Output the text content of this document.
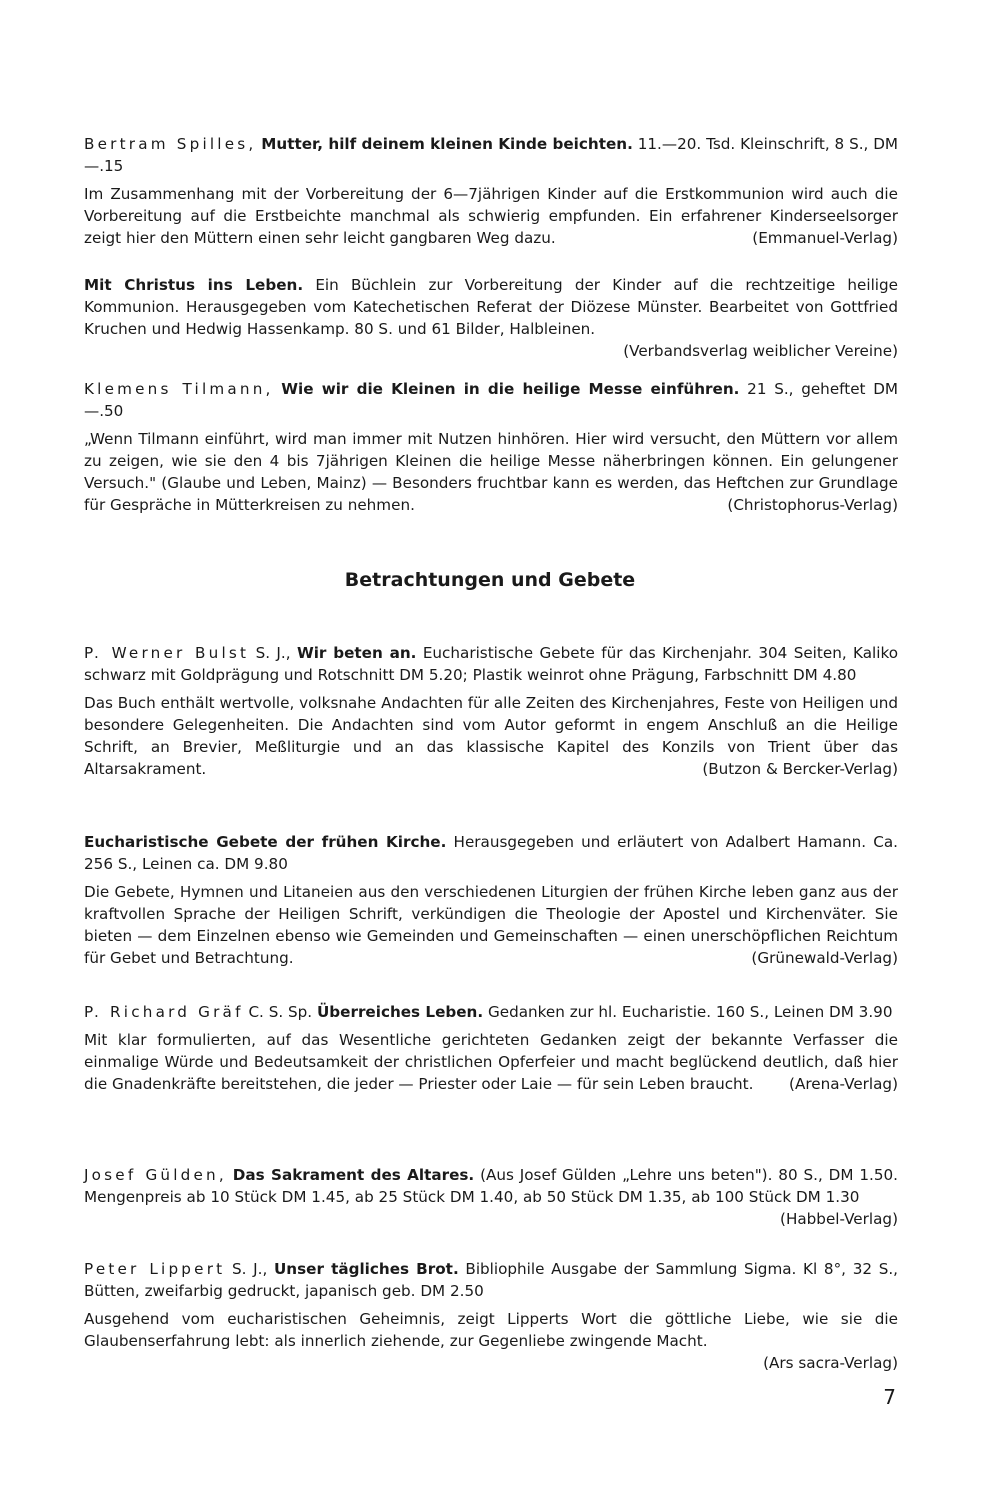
Bertram Spilles, Mutter, hilf deinem kleinen Kinde beichten. 11.—20. Tsd. Kleinschrift, 8 S., DM —.15

Im Zusammenhang mit der Vorbereitung der 6—7jährigen Kinder auf die Erstkommunion wird auch die Vorbereitung auf die Erstbeichte manchmal als schwierig empfunden. Ein erfahrener Kinderseelsorger zeigt hier den Müttern einen sehr leicht gangbaren Weg dazu.	(Emmanuel-Verlag)

Mit Christus ins Leben. Ein Büchlein zur Vorbereitung der Kinder auf die rechtzeitige heilige Kommunion. Herausgegeben vom Katechetischen Referat der Diözese Münster. Bearbeitet von Gottfried Kruchen und Hedwig Hassenkamp. 80 S. und 61 Bilder, Halbleinen.

(Verbandsverlag weiblicher Vereine)

Klemens Tilmann, Wie wir die Kleinen in die heilige Messe einführen. 21 S., geheftet DM —.50

„Wenn Tilmann einführt, wird man immer mit Nutzen hinhören. Hier wird versucht, den Müttern vor allem zu zeigen, wie sie den 4 bis 7jährigen Kleinen die heilige Messe näherbringen können. Ein gelungener Versuch." (Glaube und Leben, Mainz) — Besonders fruchtbar kann es werden, das Heftchen zur Grundlage für Gespräche in Mütterkreisen zu nehmen.	(Christophorus-Verlag)

Betrachtungen und Gebete

P. Werner Bulst S. J., Wir beten an. Eucharistische Gebete für das Kirchenjahr. 304 Seiten, Kaliko schwarz mit Goldprägung und Rotschnitt DM 5.20; Plastik weinrot ohne Prägung, Farbschnitt DM 4.80

Das Buch enthält wertvolle, volksnahe Andachten für alle Zeiten des Kirchenjahres, Feste von Heiligen und besondere Gelegenheiten. Die Andachten sind vom Autor geformt in engem Anschluß an die Heilige Schrift, an Brevier, Meßliturgie und an das klassische Kapitel des Konzils von Trient über das Altarsakrament.	(Butzon & Bercker-Verlag)

Eucharistische Gebete der frühen Kirche. Herausgegeben und erläutert von Adalbert Hamann. Ca. 256 S., Leinen ca. DM 9.80

Die Gebete, Hymnen und Litaneien aus den verschiedenen Liturgien der frühen Kirche leben ganz aus der kraftvollen Sprache der Heiligen Schrift, verkündigen die Theologie der Apostel und Kirchenväter. Sie bieten — dem Einzelnen ebenso wie Gemeinden und Gemeinschaften — einen unerschöpflichen Reichtum für Gebet und Betrachtung.	(Grünewald-Verlag)

P. Richard Gräf C. S. Sp. Überreiches Leben. Gedanken zur hl. Eucharistie. 160 S., Leinen DM 3.90

Mit klar formulierten, auf das Wesentliche gerichteten Gedanken zeigt der bekannte Verfasser die einmalige Würde und Bedeutsamkeit der christlichen Opferfeier und macht beglückend deutlich, daß hier die Gnadenkräfte bereitstehen, die jeder — Priester oder Laie — für sein Leben braucht.	(Arena-Verlag)

Josef Gülden, Das Sakrament des Altares. (Aus Josef Gülden „Lehre uns beten"). 80 S., DM 1.50. Mengenpreis ab 10 Stück DM 1.45, ab 25 Stück DM 1.40, ab 50 Stück DM 1.35, ab 100 Stück DM 1.30
(Habbel-Verlag)

Peter Lippert S. J., Unser tägliches Brot. Bibliophile Ausgabe der Sammlung Sigma. Kl 8°, 32 S., Bütten, zweifarbig gedruckt, japanisch geb. DM 2.50

Ausgehend vom eucharistischen Geheimnis, zeigt Lipperts Wort die göttliche Liebe, wie sie die Glaubenserfahrung lebt: als innerlich ziehende, zur Gegenliebe zwingende Macht.

(Ars sacra-Verlag)

7
